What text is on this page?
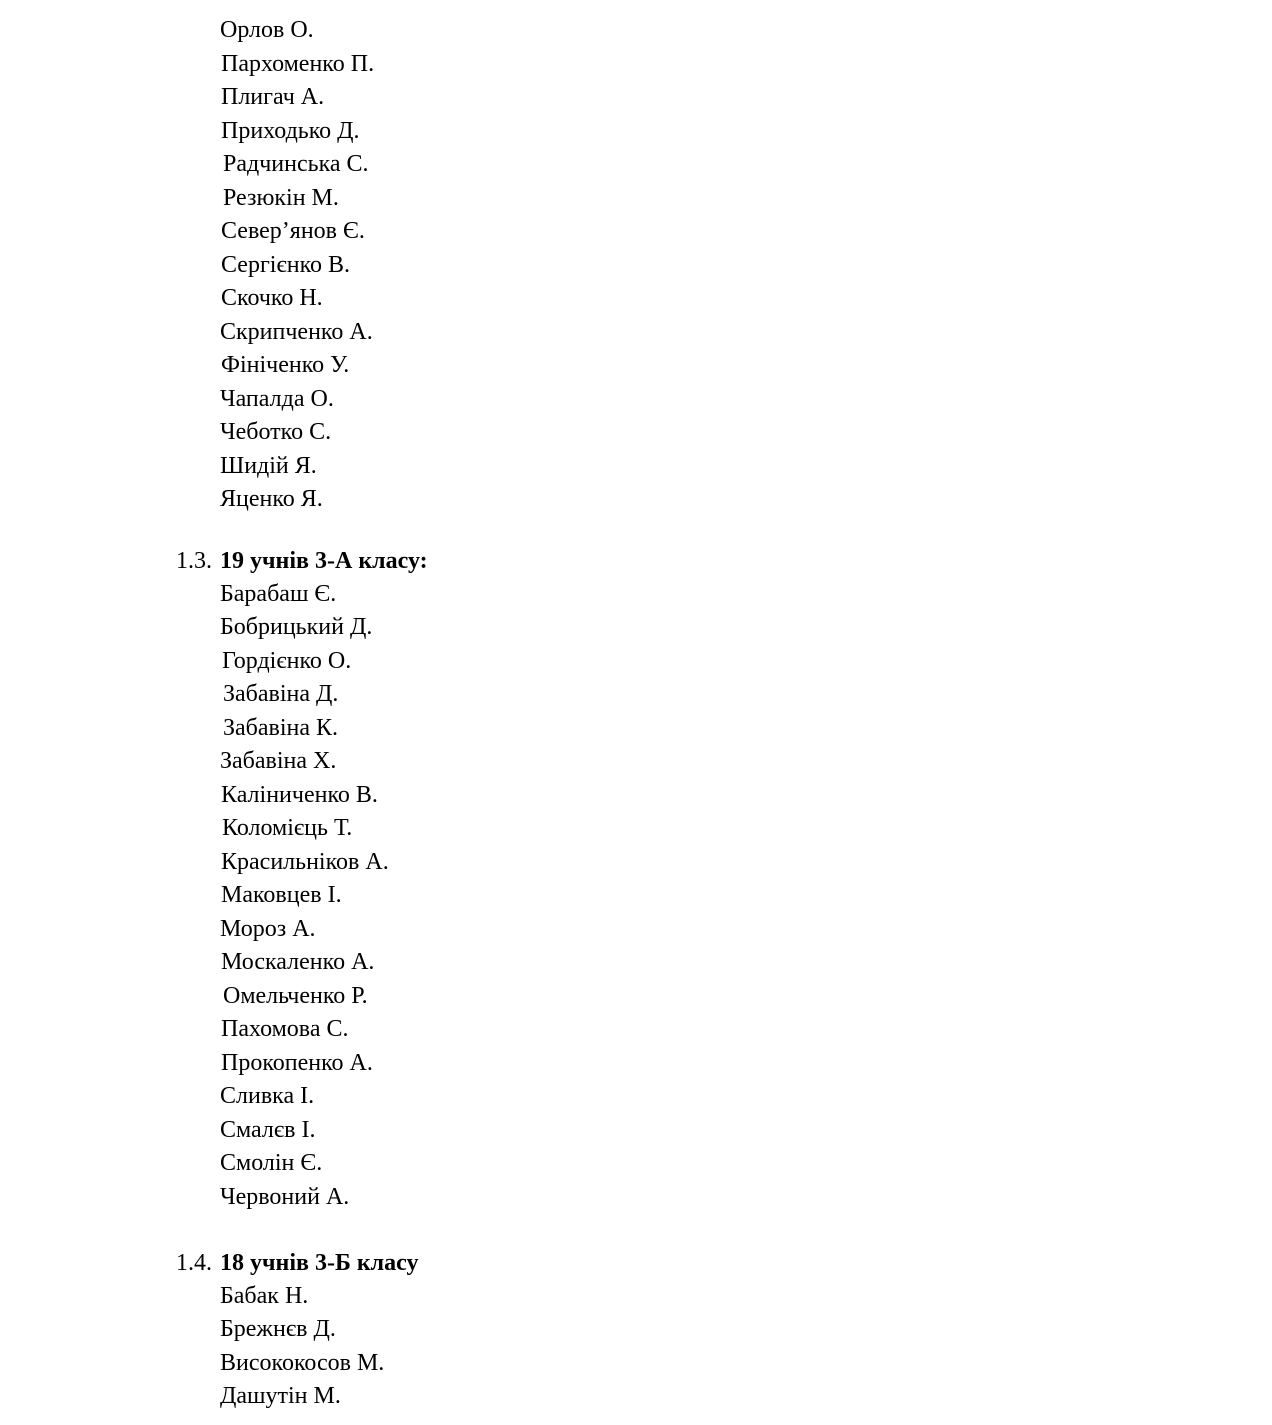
Орлов О.
Пархоменко П.
Плигач А.
Приходько Д.
Радчинська С.
Резюкін М.
Север’янов Є.
Сергієнко В.
Скочко Н.
Скрипченко А.
Фініченко У.
Чапалда О.
Чеботко С.
Шидій Я.
Яценко Я.
1.3. 19 учнів 3-А класу:
Барабаш Є.
Бобрицький Д.
Гордієнко О.
Забавіна Д.
Забавіна К.
Забавіна Х.
Каліниченко В.
Коломієць Т.
Красильніков А.
Маковцев І.
Мороз А.
Москаленко А.
Омельченко Р.
Пахомова С.
Прокопенко А.
Сливка І.
Смалєв І.
Смолін Є.
Червоний А.
1.4. 18 учнів 3-Б класу
Бабак Н.
Брежнєв Д.
Висококосов М.
Дашутін М.
